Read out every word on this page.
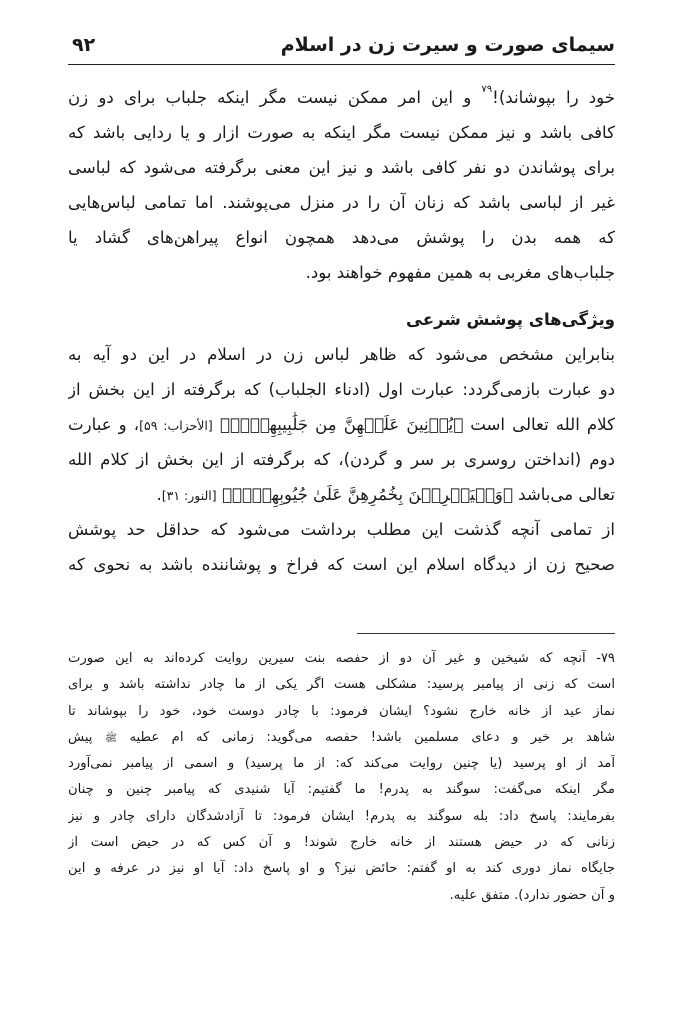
سیمای صورت و سیرت زن در اسلام
۹۲
خود را بپوشاند)!$^{۷۹}$ و این امر ممکن نیست مگر اینکه جلباب برای دو زن
کافی باشد و نیز ممکن نیست مگر اینکه به صورت ازار و یا ردایی باشد که
برای پوشاندن دو نفر کافی باشد و نیز این معنی برگرفته می‌شود که لباسی
غیر از لباسی باشد که زنان آن را در منزل می‌پوشند. اما تمامی لباس‌هایی
که همه بدن را پوشش می‌دهد همچون انواع پیراهن‌های گشاد یا
جلباب‌های مغربی به همین مفهوم خواهند بود.
ویژگی‌های پوشش شرعی
بنابراین مشخص می‌شود که ظاهر لباس زن در اسلام در این دو آیه به
دو عبارت بازمی‌گردد: عبارت اول (ادناء الجلباب) که برگرفته از این بخش از
کلام الله تعالی است ﴿يُدۡنِينَ عَلَيۡهِنَّ مِن جَلَٰبِيبِهِنَّۚ﴾ [الأحزاب: ۵۹]، و عبارت
دوم (انداختن روسری بر سر و گردن)، که برگرفته از این بخش از کلام الله
تعالی می‌باشد ﴿وَلۡيَضۡرِبۡنَ بِخُمُرِهِنَّ عَلَىٰ جُيُوبِهِنَّۖ﴾ [النور: ۳۱].
از تمامی آنچه گذشت این مطلب برداشت می‌شود که حداقل حد پوشش
صحیح زن از دیدگاه اسلام این است که فراخ و پوشاننده باشد به نحوی که
۷۹- آنچه که شیخین و غیر آن دو از حفصه بنت سیرین روایت کرده‌اند به این صورت
است که زنی از پیامبر پرسید: مشکلی هست اگر یکی از ما چادر نداشته باشد و برای
نماز عید از خانه خارج نشود؟ ایشان فرمود: با چادر دوست خود، خود را بپوشاند تا
شاهد بر خیر و دعای مسلمین باشد! حفصه می‌گوید: زمانی که ام عطیه ﷺ پیش
آمد از او پرسید (یا چنین روایت می‌کند که: از ما پرسید) و اسمی از پیامبر نمی‌آورد
مگر اینکه می‌گفت: سوگند به پدرم! ما گفتیم: آیا شنیدی که پیامبر چنین و چنان
بفرمایند: پاسخ داد: بله سوگند به پدرم! ایشان فرمود: تا آزادشدگان دارای چادر و نیز
زنانی که در حیض هستند از خانه خارج شوند! و آن کس که در حیض است از
جایگاه نماز دوری کند به او گفتم: حائض نیز؟ و او پاسخ داد: آیا او نیز در عرفه و این
و آن حضور ندارد). متفق علیه.
